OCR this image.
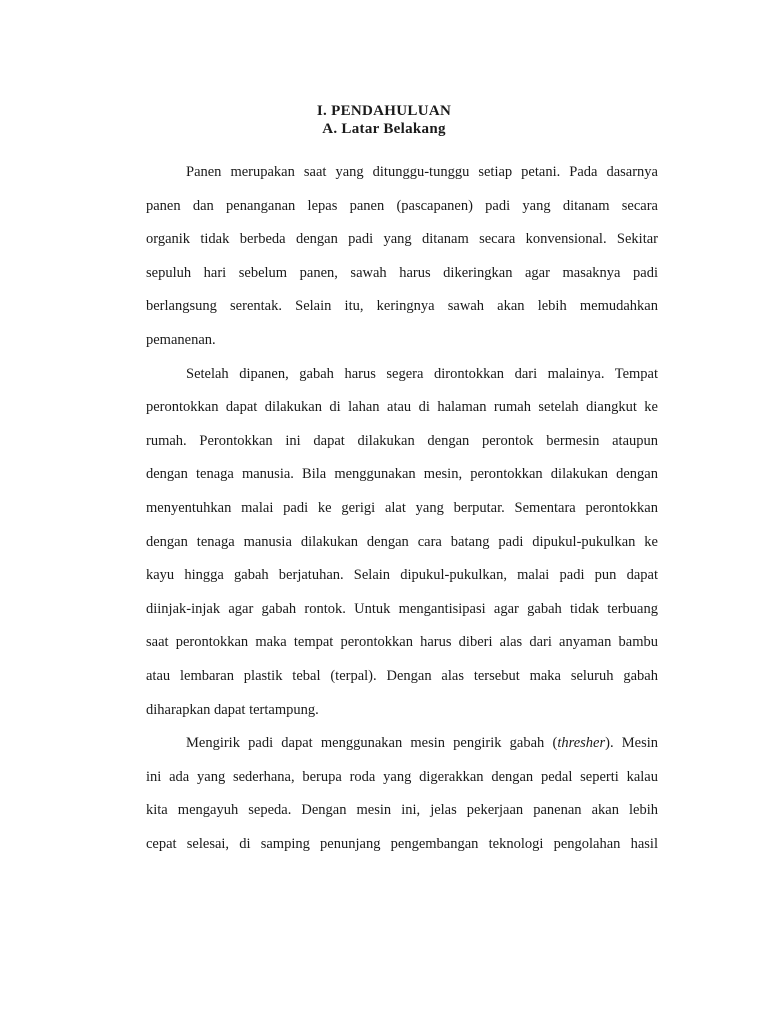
I. PENDAHULUAN
A. Latar Belakang
Panen merupakan saat yang ditunggu-tunggu setiap petani. Pada dasarnya
panen dan penanganan lepas panen (pascapanen) padi yang ditanam secara
organik tidak berbeda dengan padi yang ditanam secara konvensional. Sekitar
sepuluh hari sebelum panen, sawah harus dikeringkan agar masaknya padi
berlangsung serentak. Selain itu, keringnya sawah akan lebih memudahkan
pemanenan.
Setelah dipanen, gabah harus segera dirontokkan dari malainya. Tempat
perontokkan dapat dilakukan di lahan atau di halaman rumah setelah diangkut ke
rumah. Perontokkan ini dapat dilakukan dengan perontok bermesin ataupun
dengan tenaga manusia. Bila menggunakan mesin, perontokkan dilakukan dengan
menyentuhkan malai padi ke gerigi alat yang berputar. Sementara perontokkan
dengan tenaga manusia dilakukan dengan cara batang padi dipukul-pukulkan ke
kayu hingga gabah berjatuhan. Selain dipukul-pukulkan, malai padi pun dapat
diinjak-injak agar gabah rontok. Untuk mengantisipasi agar gabah tidak terbuang
saat perontokkan maka tempat perontokkan harus diberi alas dari anyaman bambu
atau lembaran plastik tebal (terpal). Dengan alas tersebut maka seluruh gabah
diharapkan dapat tertampung.
Mengirik padi dapat menggunakan mesin pengirik gabah (thresher). Mesin
ini ada yang sederhana, berupa roda yang digerakkan dengan pedal seperti kalau
kita mengayuh sepeda. Dengan mesin ini, jelas pekerjaan panenan akan lebih
cepat selesai, di samping penunjang pengembangan teknologi pengolahan hasil
